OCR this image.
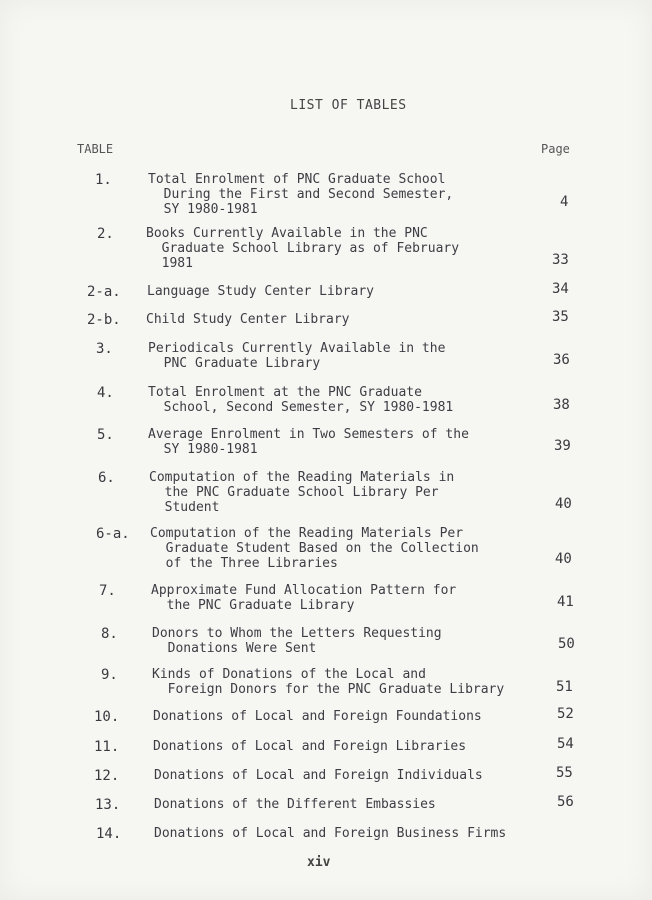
LIST OF TABLES
TABLE	Page
1.	Total Enrolment of PNC Graduate School
During the First and Second Semester,
SY 1980-1981	4
2. Books Currently Available in the PNC
Graduate School Library as of February
1981	33
2-a. Language Study Center Library	34
2-b. Child Study Center Library	35
3.	Periodicals Currently Available in the
PNC Graduate Library	36
4.	Total Enrolment at the PNC Graduate
School, Second Semester, SY 1980-1981	38
5.	Average Enrolment in Two Semesters of the
SY 1980-1981	39
6.	Computation of the Reading Materials in
the PNC Graduate School Library Per
Student	40
6-a. Computation of the Reading Materials Per
Graduate Student Based on the Collection
of the Three Libraries	40
7.	Approximate Fund Allocation Pattern for
the PNC Graduate Library	41
8.	Donors to Whom the Letters Requesting
Donations Were Sent	50
9.	Kinds of Donations of the Local and
Foreign Donors for the PNC Graduate Library	51
10.	Donations of Local and Foreign Foundations	52
11.	Donations of Local and Foreign Libraries	54
12.	Donations of Local and Foreign Individuals	55
13.	Donations of the Different Embassies	56
14.	Donations of Local and Foreign Business Firms
xiv
